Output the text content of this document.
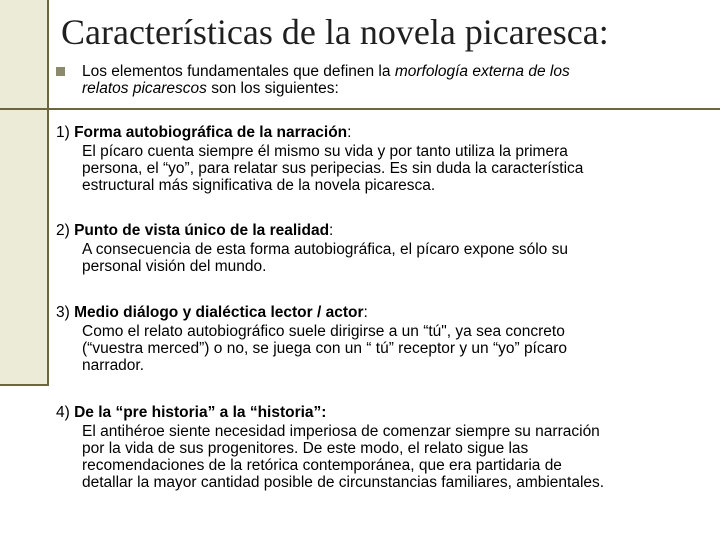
Características de la novela picaresca:
Los elementos fundamentales que definen la morfología externa de los
relatos picarescos son los siguientes:
1) Forma autobiográfica de la narración:
El pícaro cuenta siempre él mismo su vida y por tanto utiliza la primera
persona, el “yo”, para relatar sus peripecias. Es sin duda la característica
estructural más significativa de la novela picaresca.
2) Punto de vista único de la realidad:
A consecuencia de esta forma autobiográfica, el pícaro expone sólo su
personal visión del mundo.
3) Medio diálogo y dialéctica lector / actor:
Como el relato autobiográfico suele dirigirse a un “tú", ya sea concreto
(“vuestra merced”) o no, se juega con un “ tú” receptor y un “yo” pícaro
narrador.
4) De la “pre historia” a la “historia”:
El antihéroe siente necesidad imperiosa de comenzar siempre su narración
por la vida de sus progenitores. De este modo, el relato sigue las
recomendaciones de la retórica contemporánea, que era partidaria de
detallar la mayor cantidad posible de circunstancias familiares, ambientales.
